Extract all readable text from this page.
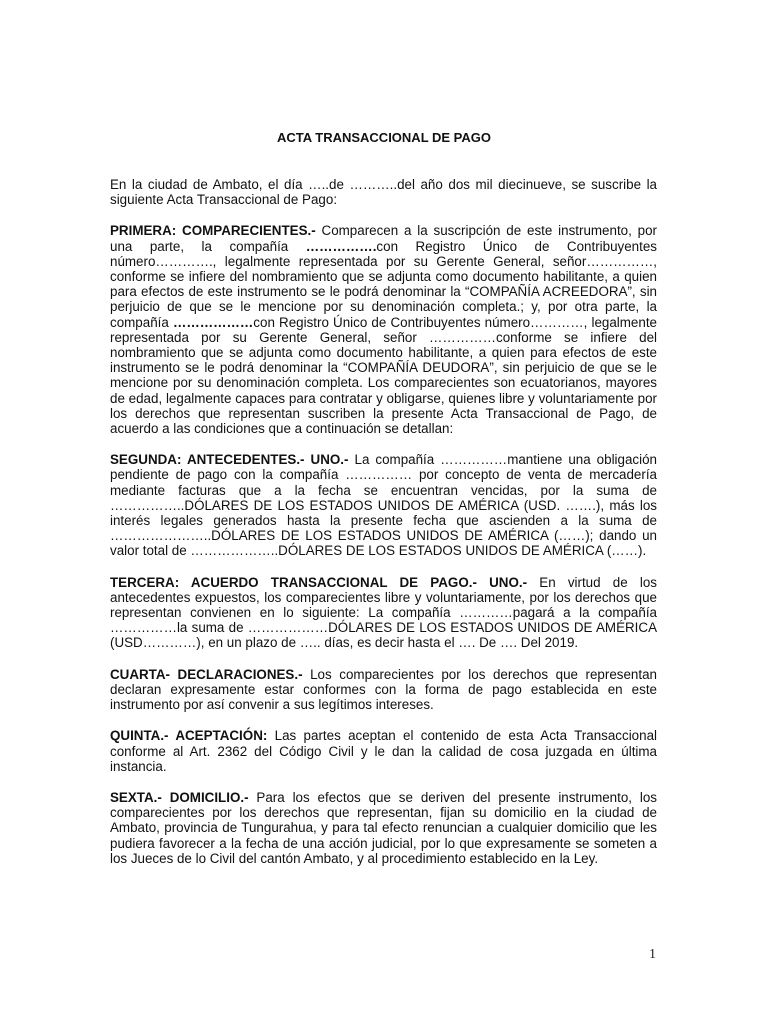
ACTA TRANSACCIONAL DE PAGO

En la ciudad de Ambato, el día …..de ………..del año dos mil diecinueve, se suscribe la siguiente Acta Transaccional de Pago:

PRIMERA: COMPARECIENTES.- Comparecen a la suscripción de este instrumento, por una parte, la compañía …………….con Registro Único de Contribuyentes número…………., legalmente representada por su Gerente General, señor……………, conforme se infiere del nombramiento que se adjunta como documento habilitante, a quien para efectos de este instrumento se le podrá denominar la “COMPAÑÍA ACREEDORA”, sin perjuicio de que se le mencione por su denominación completa.; y, por otra parte, la compañía ………………con Registro Único de Contribuyentes número…………, legalmente representada por su Gerente General, señor ……………conforme se infiere del nombramiento que se adjunta como documento habilitante, a quien para efectos de este instrumento se le podrá denominar la “COMPAÑÍA DEUDORA”, sin perjuicio de que se le mencione por su denominación completa. Los comparecientes son ecuatorianos, mayores de edad, legalmente capaces para contratar y obligarse, quienes libre y voluntariamente por los derechos que representan suscriben la presente Acta Transaccional de Pago, de acuerdo a las condiciones que a continuación se detallan:

SEGUNDA: ANTECEDENTES.- UNO.- La compañía ……………mantiene una obligación pendiente de pago con la compañía …………… por concepto de venta de mercadería mediante facturas que a la fecha se encuentran vencidas, por la suma de ……………..DÓLARES DE LOS ESTADOS UNIDOS DE AMÉRICA (USD. …….), más los interés legales generados hasta la presente fecha que ascienden a la suma de …………………..DÓLARES DE LOS ESTADOS UNIDOS DE AMÉRICA (……); dando un valor total de ………………..DÓLARES DE LOS ESTADOS UNIDOS DE AMÉRICA (……).

TERCERA: ACUERDO TRANSACCIONAL DE PAGO.- UNO.- En virtud de los antecedentes expuestos, los comparecientes libre y voluntariamente, por los derechos que representan convienen en lo siguiente: La compañía …………pagará a la compañía ……………la suma de ………………DÓLARES DE LOS ESTADOS UNIDOS DE AMÉRICA (USD…………), en un plazo de ….. días, es decir hasta el …. De …. Del 2019.

CUARTA- DECLARACIONES.- Los comparecientes por los derechos que representan declaran expresamente estar conformes con la forma de pago establecida en este instrumento por así convenir a sus legítimos intereses.

QUINTA.- ACEPTACIÓN: Las partes aceptan el contenido de esta Acta Transaccional conforme al Art. 2362 del Código Civil y le dan la calidad de cosa juzgada en última instancia.

SEXTA.- DOMICILIO.- Para los efectos que se deriven del presente instrumento, los comparecientes por los derechos que representan, fijan su domicilio en la ciudad de Ambato, provincia de Tungurahua, y para tal efecto renuncian a cualquier domicilio que les pudiera favorecer a la fecha de una acción judicial, por lo que expresamente se someten a los Jueces de lo Civil del cantón Ambato, y al procedimiento establecido en la Ley.

1
